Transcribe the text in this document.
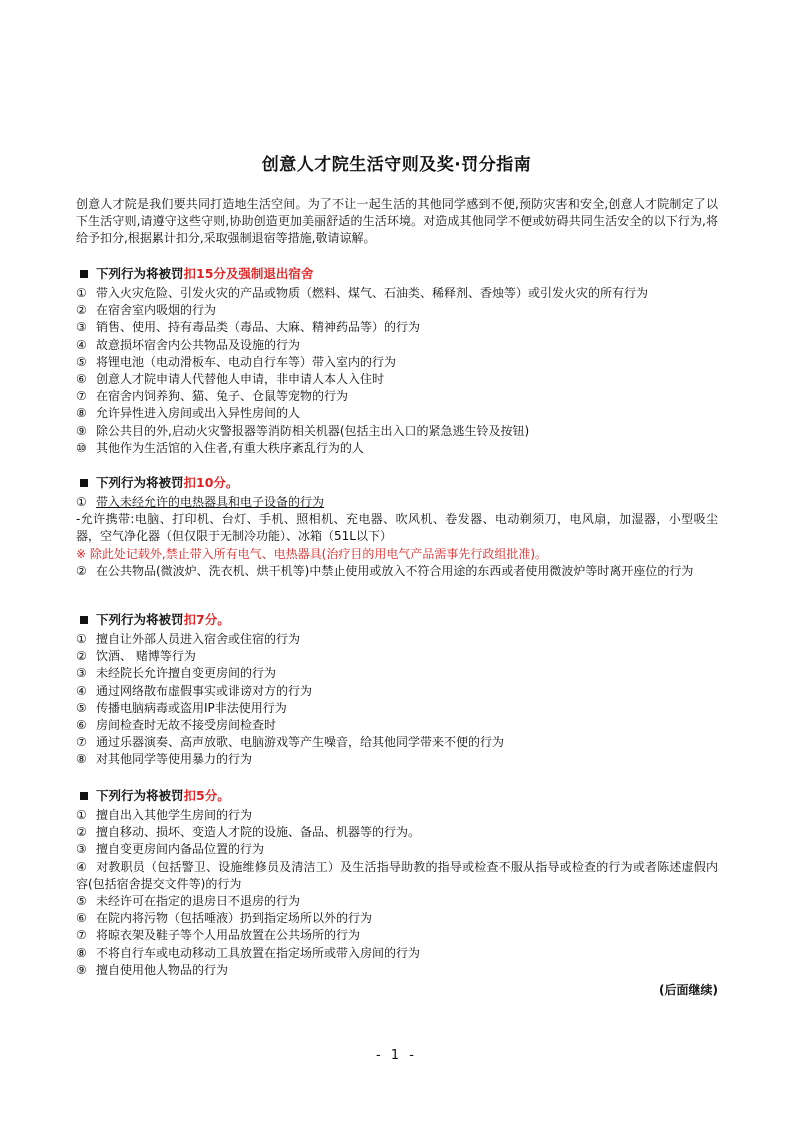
创意人才院生活守则及奖·罚分指南
创意人才院是我们要共同打造地生活空间。为了不让一起生活的其他同学感到不便,预防灾害和安全,创意人才院制定了以下生活守则,请遵守这些守则,协助创造更加美丽舒适的生活环境。对造成其他同学不便或妨碍共同生活安全的以下行为,将给予扣分,根据累计扣分,采取强制退宿等措施,敬请谅解。
下列行为将被罚扣15分及强制退出宿舍
① 带入火灾危险、引发火灾的产品或物质（燃料、煤气、石油类、稀释剂、香烛等）或引发火灾的所有行为
② 在宿舍室内吸烟的行为
③ 销售、使用、持有毒品类（毒品、大麻、精神药品等）的行为
④ 故意损坏宿舍内公共物品及设施的行为
⑤ 将锂电池（电动滑板车、电动自行车等）带入室内的行为
⑥ 创意人才院申请人代替他人申请，非申请人本人入住时
⑦ 在宿舍内饲养狗、猫、兔子、仓鼠等宠物的行为
⑧ 允许异性进入房间或出入异性房间的人
⑨ 除公共目的外,启动火灾警报器等消防相关机器(包括主出入口的紧急逃生铃及按钮)
⑩ 其他作为生活馆的入住者,有重大秩序紊乱行为的人
下列行为将被罚扣10分。
① 带入未经允许的电热器具和电子设备的行为
-允许携带:电脑、打印机、台灯、手机、照相机、充电器、吹风机、卷发器、电动剃须刀，电风扇，加湿器，小型吸尘器，空气净化器（但仅限于无制冷功能）、冰箱（51L以下）
※ 除此处记载外,禁止带入所有电气、电热器具(治疗目的用电气产品需事先行政组批准)。
② 在公共物品(微波炉、洗衣机、烘干机等)中禁止使用或放入不符合用途的东西或者使用微波炉等时离开座位的行为
下列行为将被罚扣7分。
① 擅自让外部人员进入宿舍或住宿的行为
② 饮酒、 赌博等行为
③ 未经院长允许擅自变更房间的行为
④ 通过网络散布虚假事实或诽谤对方的行为
⑤ 传播电脑病毒或盗用IP非法使用行为
⑥ 房间检查时无故不接受房间检查时
⑦ 通过乐器演奏、高声放歌、电脑游戏等产生噪音，给其他同学带来不便的行为
⑧ 对其他同学等使用暴力的行为
下列行为将被罚扣5分。
① 擅自出入其他学生房间的行为
② 擅自移动、损坏、变造人才院的设施、备品、机器等的行为。
③ 擅自变更房间内备品位置的行为
④ 对教职员（包括警卫、设施维修员及清洁工）及生活指导助教的指导或检查不服从指导或检查的行为或者陈述虚假内容(包括宿舍提交文件等)的行为
⑤ 未经许可在指定的退房日不退房的行为
⑥ 在院内将污物（包括唾液）扔到指定场所以外的行为
⑦ 将晾衣架及鞋子等个人用品放置在公共场所的行为
⑧ 不将自行车或电动移动工具放置在指定场所或带入房间的行为
⑨ 擅自使用他人物品的行为
(后面继续)
- 1 -
